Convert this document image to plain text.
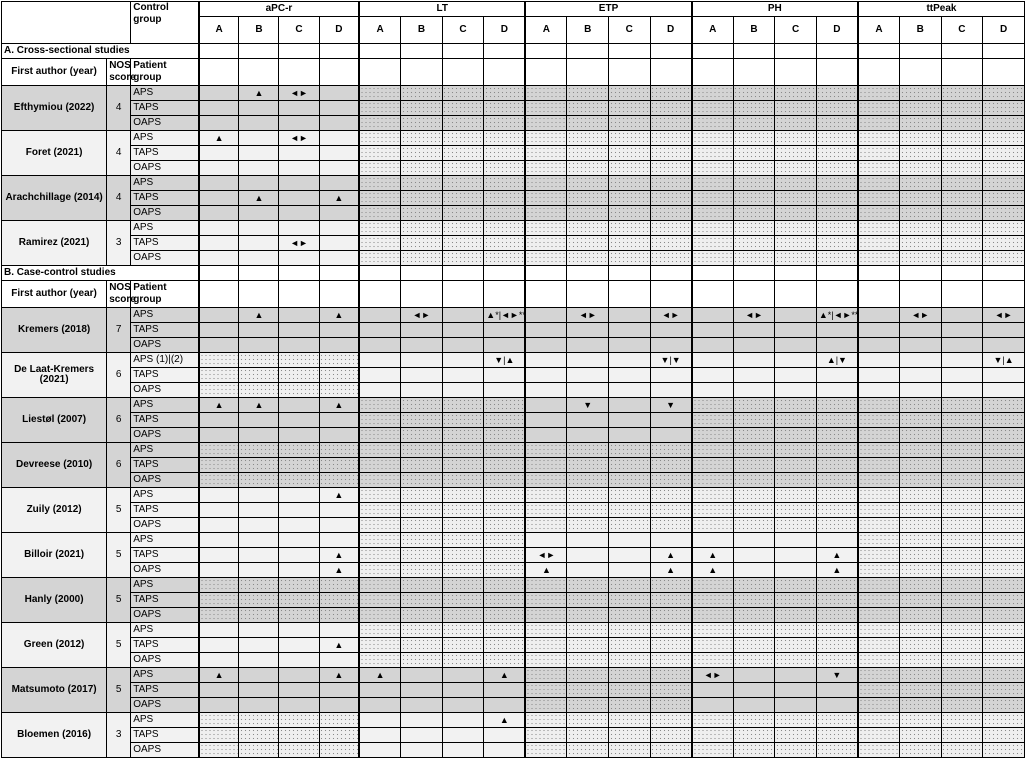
		Control group	aPC-r				LT				ETP				PH				ttPeak			
			A	B	C	D	A	B	C	D	A	B	C	D	A	B	C	D	A	B	C	D
A. Cross-sectional studies																						
First author (year)	NOS score	Patient group																				
Efthymiou (2022)	4	APS		▲	◄►																	
		TAPS																				
		OAPS																				
Foret (2021)	4	APS	▲		◄►																	
		TAPS																				
		OAPS																				
Arachchillage (2014)	4	APS																				
		TAPS		▲		▲																
		OAPS																				
Ramirez (2021)	3	APS																				
		TAPS			◄►																	
		OAPS																				
B. Case-control studies																						
First author (year)	NOS score	Patient group																				
Kremers (2018)	7	APS		▲		▲		◄►		▲*|◄►**		◄►		◄►		◄►		▲*|◄►**		◄►		◄►
		TAPS																				
		OAPS																				
De Laat-Kremers (2021)	6	APS (1)|(2)								▼|▲				▼|▼				▲|▼				▼|▲
		TAPS																				
		OAPS																				
Liestøl (2007)	6	APS	▲	▲		▲						▼		▼								
		TAPS																				
		OAPS																				
Devreese (2010)	6	APS																				
		TAPS																				
		OAPS																				
Zuily (2012)	5	APS				▲																
		TAPS																				
		OAPS																				
Billoir (2021)	5	APS																				
		TAPS				▲					◄►			▲	▲			▲				
		OAPS				▲					▲			▲	▲			▲				
Hanly (2000)	5	APS																				
		TAPS																				
		OAPS																				
Green (2012)	5	APS																				
		TAPS				▲																
		OAPS																				
Matsumoto (2017)	5	APS	▲			▲	▲			▲					◄►			▼				
		TAPS																				
		OAPS																				
Bloemen (2016)	3	APS								▲												
		TAPS																				
		OAPS																				
